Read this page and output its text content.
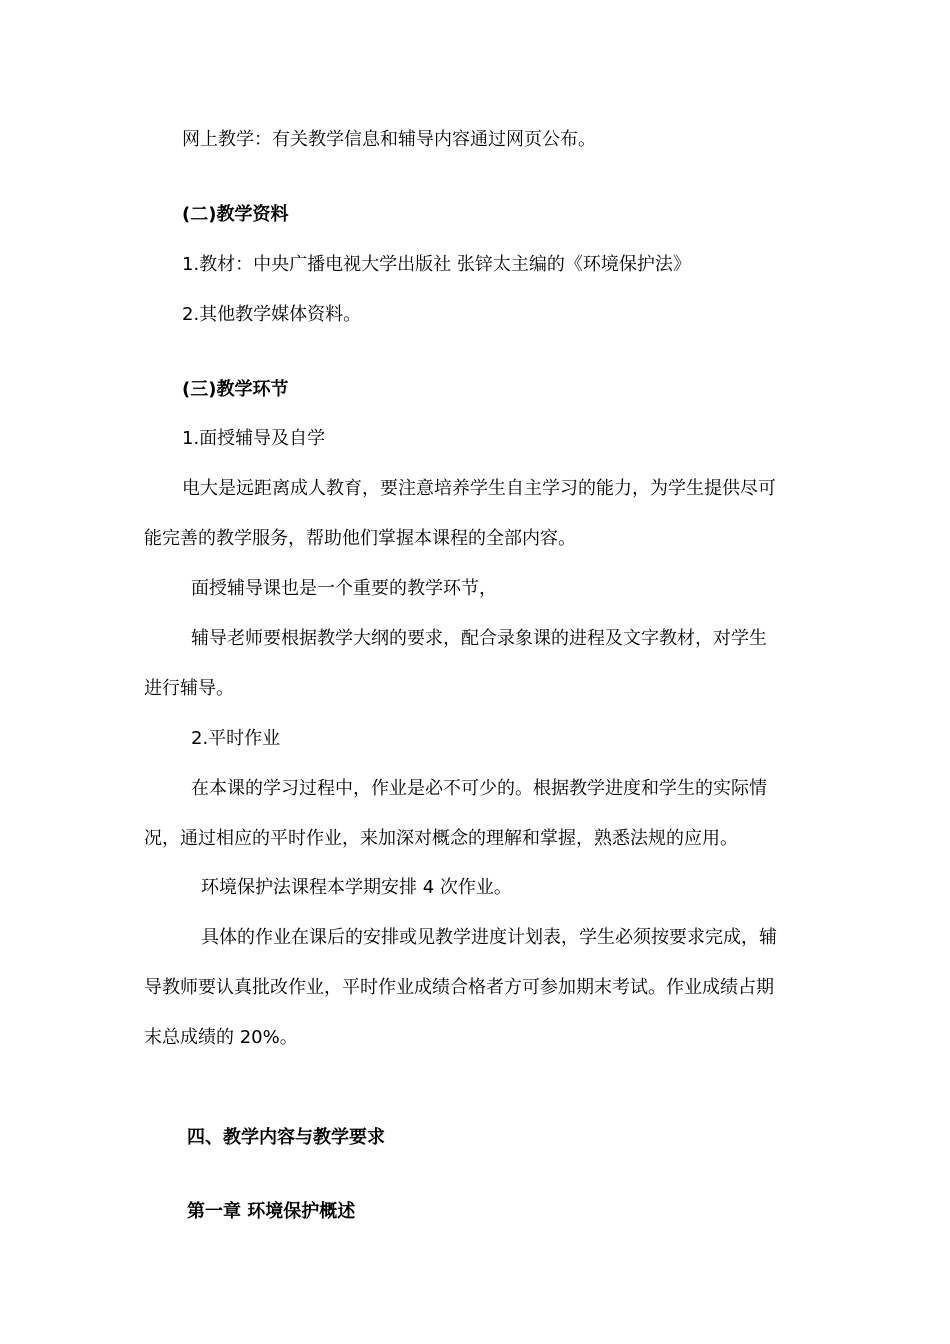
网上教学：有关教学信息和辅导内容通过网页公布。
(二)教学资料
1.教材：中央广播电视大学出版社 张锌太主编的《环境保护法》
2.其他教学媒体资料。
(三)教学环节
1.面授辅导及自学
电大是远距离成人教育，要注意培养学生自主学习的能力，为学生提供尽可
能完善的教学服务，帮助他们掌握本课程的全部内容。
面授辅导课也是一个重要的教学环节，
辅导老师要根据教学大纲的要求，配合录象课的进程及文字教材，对学生
进行辅导。
2.平时作业
在本课的学习过程中，作业是必不可少的。根据教学进度和学生的实际情
况，通过相应的平时作业，来加深对概念的理解和掌握，熟悉法规的应用。
环境保护法课程本学期安排 4 次作业。
具体的作业在课后的安排或见教学进度计划表，学生必须按要求完成，辅
导教师要认真批改作业，平时作业成绩合格者方可参加期末考试。作业成绩占期
末总成绩的 20%。
四、教学内容与教学要求
第一章 环境保护概述
